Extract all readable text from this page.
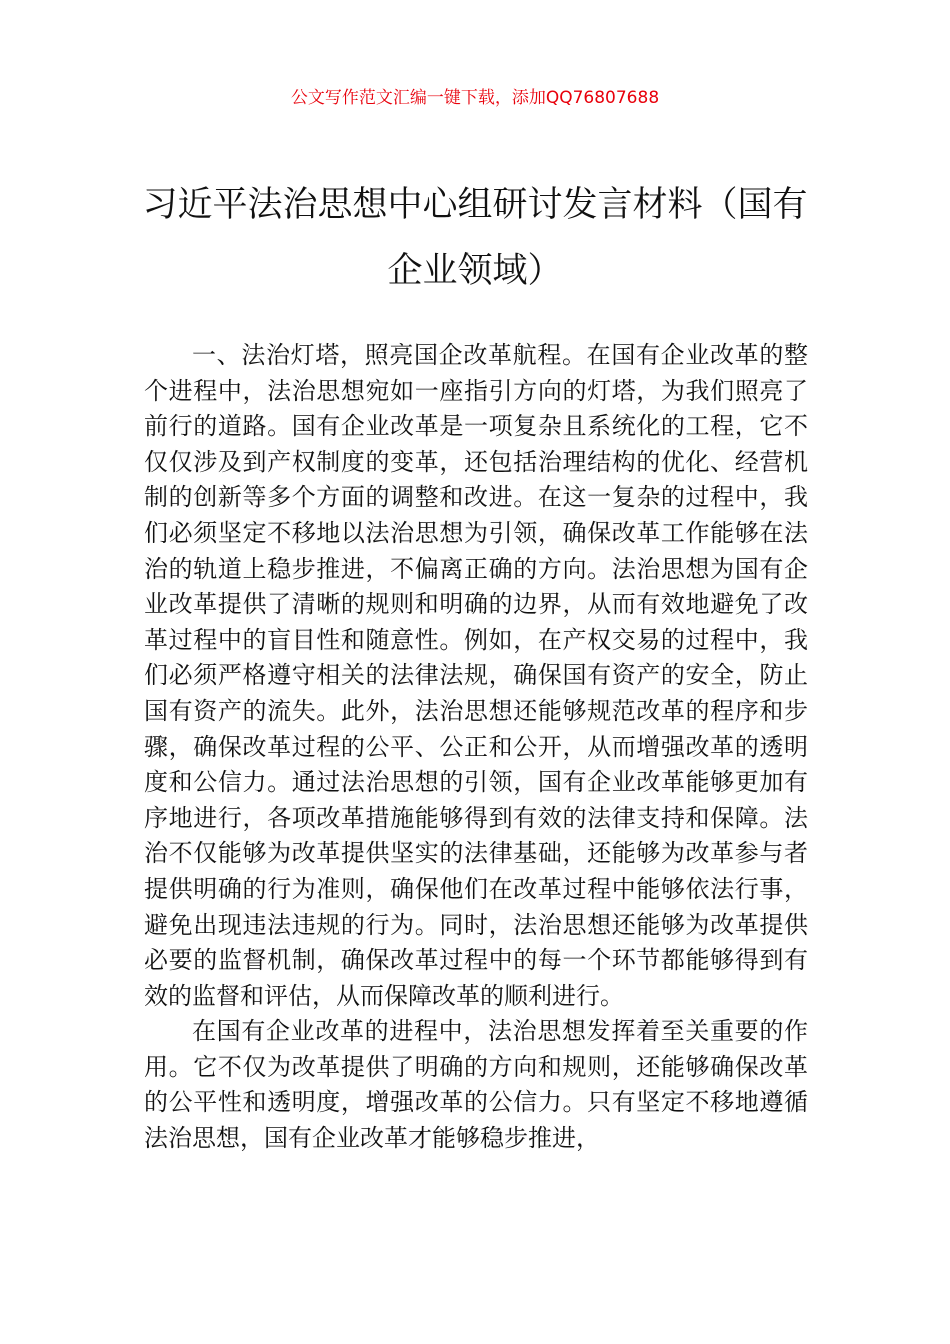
公文写作范文汇编一键下载，添加QQ76807688
习近平法治思想中心组研讨发言材料（国有企业领域）

一、法治灯塔，照亮国企改革航程。在国有企业改革的整个进程中，法治思想宛如一座指引方向的灯塔，为我们照亮了前行的道路。国有企业改革是一项复杂且系统化的工程，它不仅仅涉及到产权制度的变革，还包括治理结构的优化、经营机制的创新等多个方面的调整和改进。在这一复杂的过程中，我们必须坚定不移地以法治思想为引领，确保改革工作能够在法治的轨道上稳步推进，不偏离正确的方向。法治思想为国有企业改革提供了清晰的规则和明确的边界，从而有效地避免了改革过程中的盲目性和随意性。例如，在产权交易的过程中，我们必须严格遵守相关的法律法规，确保国有资产的安全，防止国有资产的流失。此外，法治思想还能够规范改革的程序和步骤，确保改革过程的公平、公正和公开，从而增强改革的透明度和公信力。通过法治思想的引领，国有企业改革能够更加有序地进行，各项改革措施能够得到有效的法律支持和保障。法治不仅能够为改革提供坚实的法律基础，还能够为改革参与者提供明确的行为准则，确保他们在改革过程中能够依法行事，避免出现违法违规的行为。同时，法治思想还能够为改革提供必要的监督机制，确保改革过程中的每一个环节都能够得到有效的监督和评估，从而保障改革的顺利进行。

在国有企业改革的进程中，法治思想发挥着至关重要的作用。它不仅为改革提供了明确的方向和规则，还能够确保改革的公平性和透明度，增强改革的公信力。只有坚定不移地遵循法治思想，国有企业改革才能够稳步推进，
